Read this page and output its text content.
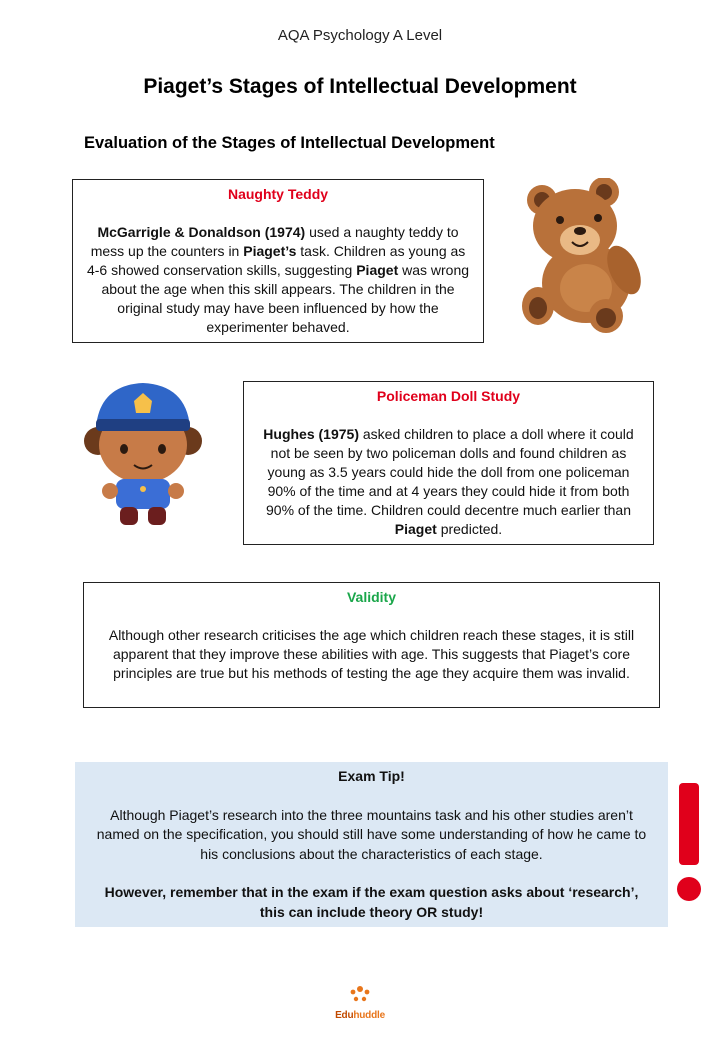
AQA Psychology A Level
Piaget’s Stages of Intellectual Development
Evaluation of the Stages of Intellectual Development
Naughty Teddy
McGarrigle & Donaldson (1974) used a naughty teddy to mess up the counters in Piaget’s task. Children as young as 4-6 showed conservation skills, suggesting Piaget was wrong about the age when this skill appears. The children in the original study may have been influenced by how the experimenter behaved.
Policeman Doll Study
Hughes (1975) asked children to place a doll where it could not be seen by two policeman dolls and found children as young as 3.5 years could hide the doll from one policeman 90% of the time and at 4 years they could hide it from both 90% of the time. Children could decentre much earlier than Piaget predicted.
Validity
Although other research criticises the age which children reach these stages, it is still apparent that they improve these abilities with age. This suggests that Piaget’s core principles are true but his methods of testing the age they acquire them was invalid.
Exam Tip!
Although Piaget’s research into the three mountains task and his other studies aren’t named on the specification, you should still have some understanding of how he came to his conclusions about the characteristics of each stage.
However, remember that in the exam if the exam question asks about ‘research’, this can include theory OR study!
Eduhuddle
